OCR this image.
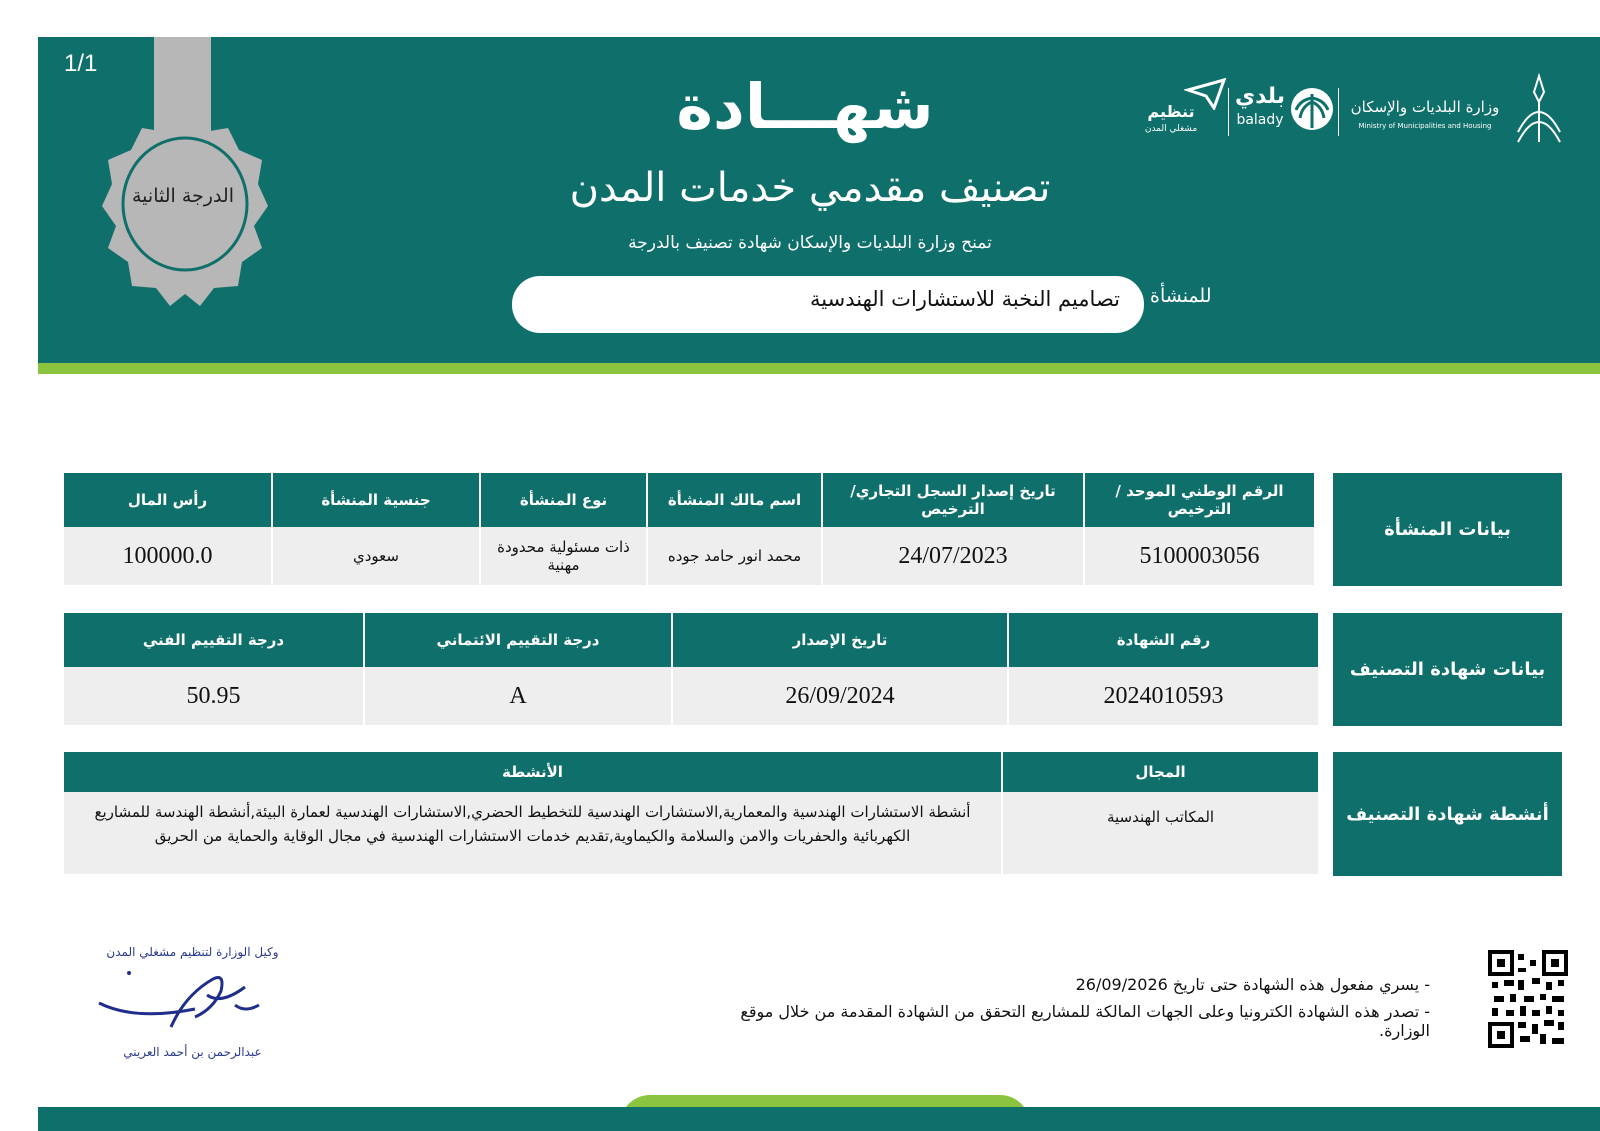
1/1
الدرجة الثانية
شهـــادة
تصنيف مقدمي خدمات المدن
تمنح وزارة البلديات والإسكان شهادة تصنيف بالدرجة
للمنشأة
تصاميم النخبة للاستشارات الهندسية
وزارة البلديات والإسكان
Ministry of Municipalities and Housing
بلدي
balady
تنظيم
مشغلي المدن
بيانات المنشأة
الرقم الوطني الموحد /الترخيص	تاريخ إصدار السجل التجاري/ الترخيص	اسم مالك المنشأة	نوع المنشأة	جنسية المنشأة	رأس المال
5100003056	24/07/2023	محمد انور حامد جوده	ذات مسئولية محدودة مهنية	سعودي	100000.0
بيانات شهادة التصنيف
رقم الشهادة	تاريخ الإصدار	درجة التقييم الائتماني	درجة التقييم الفني
2024010593	26/09/2024	A	50.95
أنشطة شهادة التصنيف
المجال	الأنشطة
المكاتب الهندسية	أنشطة الاستشارات الهندسية والمعمارية,الاستشارات الهندسية للتخطيط الحضري,الاستشارات الهندسية لعمارة البيئة,أنشطة الهندسة للمشاريع الكهربائية والحفريات والامن والسلامة والكيماوية,تقديم خدمات الاستشارات الهندسية في مجال الوقاية والحماية من الحريق
- يسري مفعول هذه الشهادة حتى تاريخ 26/09/2026
- تصدر هذه الشهادة الكترونيا وعلى الجهات المالكة للمشاريع التحقق من الشهادة المقدمة من خلال موقع الوزارة.
وكيل الوزارة لتنظيم مشغلي المدن
عبدالرحمن بن أحمد العريني
